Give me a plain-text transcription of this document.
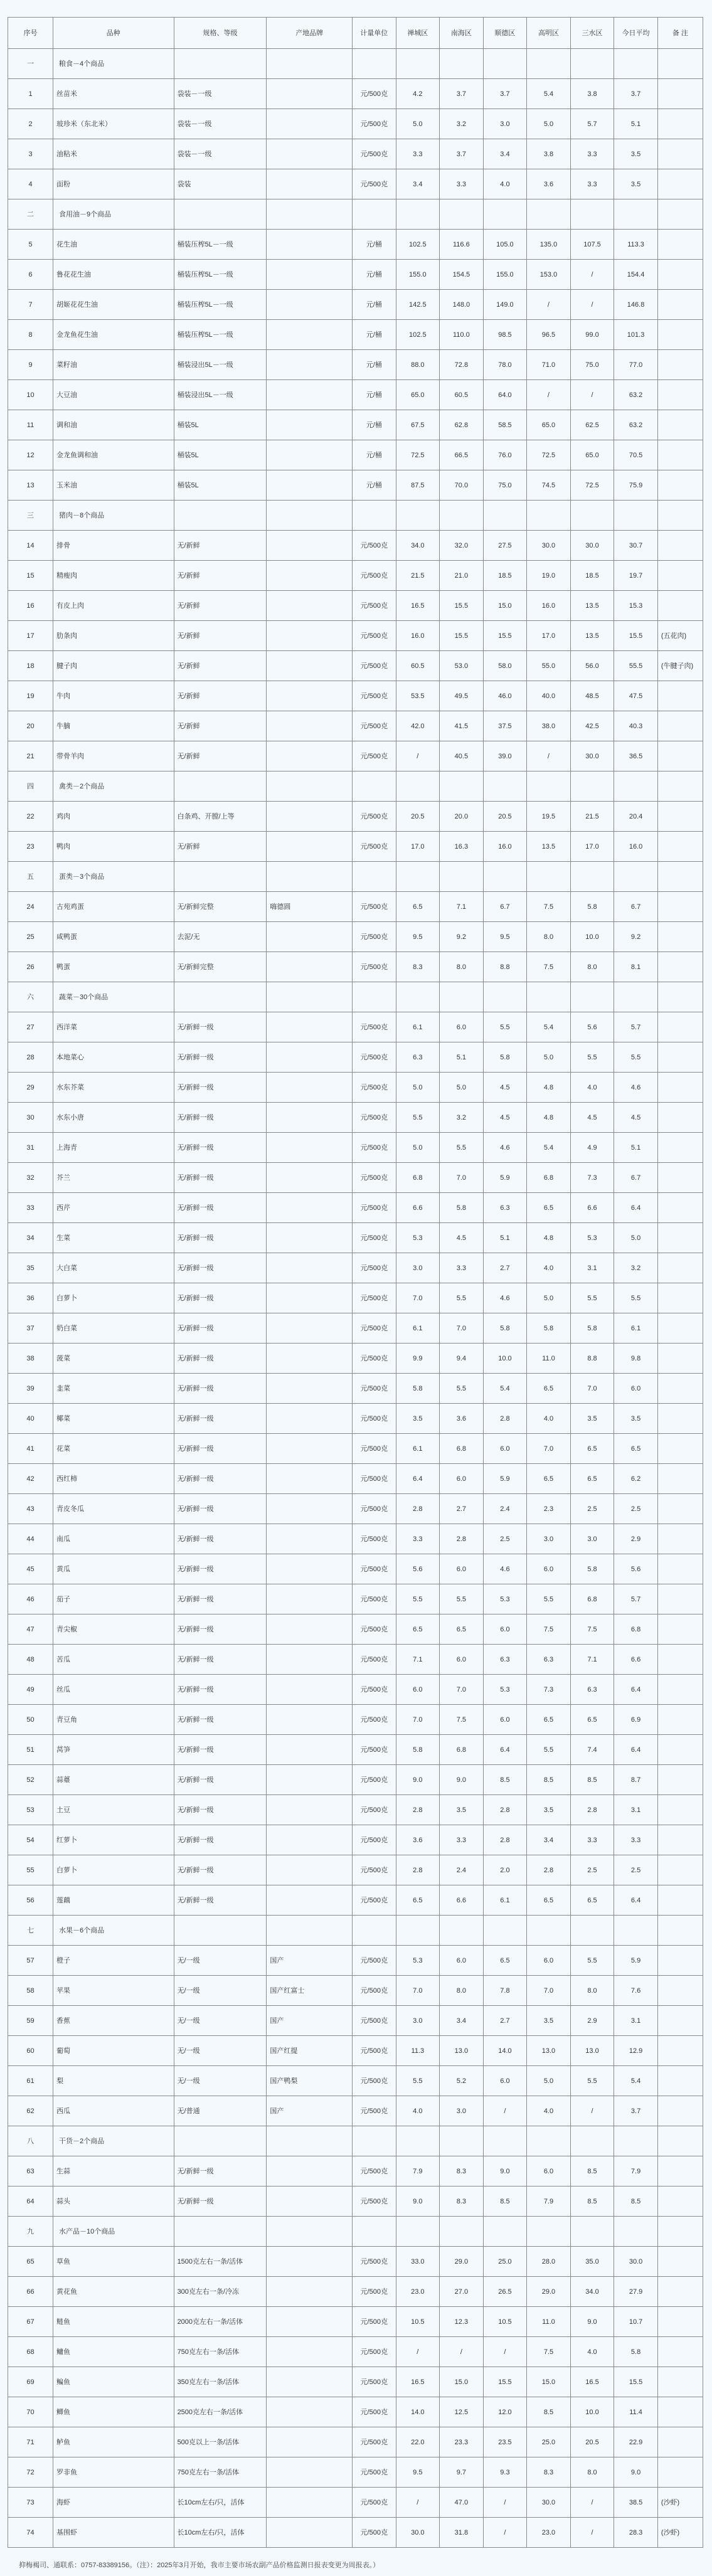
序号	品种	规格、等级	产地品牌	计量单位	禅城区	南海区	顺德区	高明区	三水区	今日平均	备 注
一	粮食－4个商品										
1	丝苗米	袋装－一级		元/500克	4.2	3.7	3.7	5.4	3.8	3.7	
2	玻珍米（东北米）	袋装－一级		元/500克	5.0	3.2	3.0	5.0	5.7	5.1	
3	油粘米	袋装－一级		元/500克	3.3	3.7	3.4	3.8	3.3	3.5	
4	面粉	袋装		元/500克	3.4	3.3	4.0	3.6	3.3	3.5	
二	食用油－9个商品										
5	花生油	桶装压榨5L－一级		元/桶	102.5	116.6	105.0	135.0	107.5	113.3	
6	鲁花花生油	桶装压榨5L－一级		元/桶	155.0	154.5	155.0	153.0	/	154.4	
7	胡姬花花生油	桶装压榨5L－一级		元/桶	142.5	148.0	149.0	/	/	146.8	
8	金龙鱼花生油	桶装压榨5L－一级		元/桶	102.5	110.0	98.5	96.5	99.0	101.3	
9	菜籽油	桶装浸出5L－一级		元/桶	88.0	72.8	78.0	71.0	75.0	77.0	
10	大豆油	桶装浸出5L－一级		元/桶	65.0	60.5	64.0	/	/	63.2	
11	调和油	桶装5L		元/桶	67.5	62.8	58.5	65.0	62.5	63.2	
12	金龙鱼调和油	桶装5L		元/桶	72.5	66.5	76.0	72.5	65.0	70.5	
13	玉米油	桶装5L		元/桶	87.5	70.0	75.0	74.5	72.5	75.9	
三	猪肉－8个商品										
14	排骨	无/新鲜		元/500克	34.0	32.0	27.5	30.0	30.0	30.7	
15	精瘦肉	无/新鲜		元/500克	21.5	21.0	18.5	19.0	18.5	19.7	
16	有皮上肉	无/新鲜		元/500克	16.5	15.5	15.0	16.0	13.5	15.3	
17	肋条肉	无/新鲜		元/500克	16.0	15.5	15.5	17.0	13.5	15.5	(五花肉)
18	腱子肉	无/新鲜		元/500克	60.5	53.0	58.0	55.0	56.0	55.5	(牛腱子肉)
19	牛肉	无/新鲜		元/500克	53.5	49.5	46.0	40.0	48.5	47.5	
20	牛腩	无/新鲜		元/500克	42.0	41.5	37.5	38.0	42.5	40.3	
21	带骨羊肉	无/新鲜		元/500克	/	40.5	39.0	/	30.0	36.5	
四	禽类－2个商品										
22	鸡肉	白条鸡、开膛/上等		元/500克	20.5	20.0	20.5	19.5	21.5	20.4	
23	鸭肉	无/新鲜		元/500克	17.0	16.3	16.0	13.5	17.0	16.0	
五	蛋类－3个商品										
24	古苑鸡蛋	无/新鲜完整	嗨德圆	元/500克	6.5	7.1	6.7	7.5	5.8	6.7	
25	咸鸭蛋	去泥/无		元/500克	9.5	9.2	9.5	8.0	10.0	9.2	
26	鸭蛋	无/新鲜完整		元/500克	8.3	8.0	8.8	7.5	8.0	8.1	
六	蔬菜－30个商品										
27	西洋菜	无/新鲜一级		元/500克	6.1	6.0	5.5	5.4	5.6	5.7	
28	本地菜心	无/新鲜一级		元/500克	6.3	5.1	5.8	5.0	5.5	5.5	
29	水东芥菜	无/新鲜一级		元/500克	5.0	5.0	4.5	4.8	4.0	4.6	
30	水东小唐	无/新鲜一级		元/500克	5.5	3.2	4.5	4.8	4.5	4.5	
31	上海青	无/新鲜一级		元/500克	5.0	5.5	4.6	5.4	4.9	5.1	
32	芥兰	无/新鲜一级		元/500克	6.8	7.0	5.9	6.8	7.3	6.7	
33	西芹	无/新鲜一级		元/500克	6.6	5.8	6.3	6.5	6.6	6.4	
34	生菜	无/新鲜一级		元/500克	5.3	4.5	5.1	4.8	5.3	5.0	
35	大白菜	无/新鲜一级		元/500克	3.0	3.3	2.7	4.0	3.1	3.2	
36	白萝卜	无/新鲜一级		元/500克	7.0	5.5	4.6	5.0	5.5	5.5	
37	奶白菜	无/新鲜一级		元/500克	6.1	7.0	5.8	5.8	5.8	6.1	
38	菠菜	无/新鲜一级		元/500克	9.9	9.4	10.0	11.0	8.8	9.8	
39	韭菜	无/新鲜一级		元/500克	5.8	5.5	5.4	6.5	7.0	6.0	
40	椰菜	无/新鲜一级		元/500克	3.5	3.6	2.8	4.0	3.5	3.5	
41	花菜	无/新鲜一级		元/500克	6.1	6.8	6.0	7.0	6.5	6.5	
42	西红柿	无/新鲜一级		元/500克	6.4	6.0	5.9	6.5	6.5	6.2	
43	青皮冬瓜	无/新鲜一级		元/500克	2.8	2.7	2.4	2.3	2.5	2.5	
44	南瓜	无/新鲜一级		元/500克	3.3	2.8	2.5	3.0	3.0	2.9	
45	黄瓜	无/新鲜一级		元/500克	5.6	6.0	4.6	6.0	5.8	5.6	
46	茄子	无/新鲜一级		元/500克	5.5	5.5	5.3	5.5	6.8	5.7	
47	青尖椒	无/新鲜一级		元/500克	6.5	6.5	6.0	7.5	7.5	6.8	
48	苦瓜	无/新鲜一级		元/500克	7.1	6.0	6.3	6.3	7.1	6.6	
49	丝瓜	无/新鲜一级		元/500克	6.0	7.0	5.3	7.3	6.3	6.4	
50	青豆角	无/新鲜一级		元/500克	7.0	7.5	6.0	6.5	6.5	6.9	
51	莴笋	无/新鲜一级		元/500克	5.8	6.8	6.4	5.5	7.4	6.4	
52	蒜薹	无/新鲜一级		元/500克	9.0	9.0	8.5	8.5	8.5	8.7	
53	土豆	无/新鲜一级		元/500克	2.8	3.5	2.8	3.5	2.8	3.1	
54	红萝卜	无/新鲜一级		元/500克	3.6	3.3	2.8	3.4	3.3	3.3	
55	白萝卜	无/新鲜一级		元/500克	2.8	2.4	2.0	2.8	2.5	2.5	
56	莲藕	无/新鲜一级		元/500克	6.5	6.6	6.1	6.5	6.5	6.4	
七	水果－6个商品										
57	橙子	无/一级	国产	元/500克	5.3	6.0	6.5	6.0	5.5	5.9	
58	苹果	无/一级	国产红富士	元/500克	7.0	8.0	7.8	7.0	8.0	7.6	
59	香蕉	无/一级	国产	元/500克	3.0	3.4	2.7	3.5	2.9	3.1	
60	葡萄	无/一级	国产红提	元/500克	11.3	13.0	14.0	13.0	13.0	12.9	
61	梨	无/一级	国产鸭梨	元/500克	5.5	5.2	6.0	5.0	5.5	5.4	
62	西瓜	无/普通	国产	元/500克	4.0	3.0	/	4.0	/	3.7	
八	干货－2个商品										
63	生蒜	无/新鲜一级		元/500克	7.9	8.3	9.0	6.0	8.5	7.9	
64	蒜头	无/新鲜一级		元/500克	9.0	8.3	8.5	7.9	8.5	8.5	
九	水产品－10个商品										
65	草鱼	1500克左右一条/活体		元/500克	33.0	29.0	25.0	28.0	35.0	30.0	
66	黄花鱼	300克左右一条/冷冻		元/500克	23.0	27.0	26.5	29.0	34.0	27.9	
67	鲢鱼	2000克左右一条/活体		元/500克	10.5	12.3	10.5	11.0	9.0	10.7	
68	鳙鱼	750克左右一条/活体		元/500克	/	/	/	7.5	4.0	5.8	
69	鳊鱼	350克左右一条/活体		元/500克	16.5	15.0	15.5	15.0	16.5	15.5	
70	鲫鱼	2500克左右一条/活体		元/500克	14.0	12.5	12.0	8.5	10.0	11.4	
71	鲈鱼	500克以上一条/活体		元/500克	22.0	23.3	23.5	25.0	20.5	22.9	
72	罗非鱼	750克左右一条/活体		元/500克	9.5	9.7	9.3	8.3	8.0	9.0	
73	海虾	长10cm左右/只，活体		元/500克	/	47.0	/	30.0	/	38.5	(沙虾)
74	基围虾	长10cm左右/只，活体		元/500克	30.0	31.8	/	23.0	/	28.3	(沙虾)
抑梅褐司、通联系：0757-83389156。（注）：2025年3月开始，我市主要市场农副产品价格监测日报表变更为周报表。）
